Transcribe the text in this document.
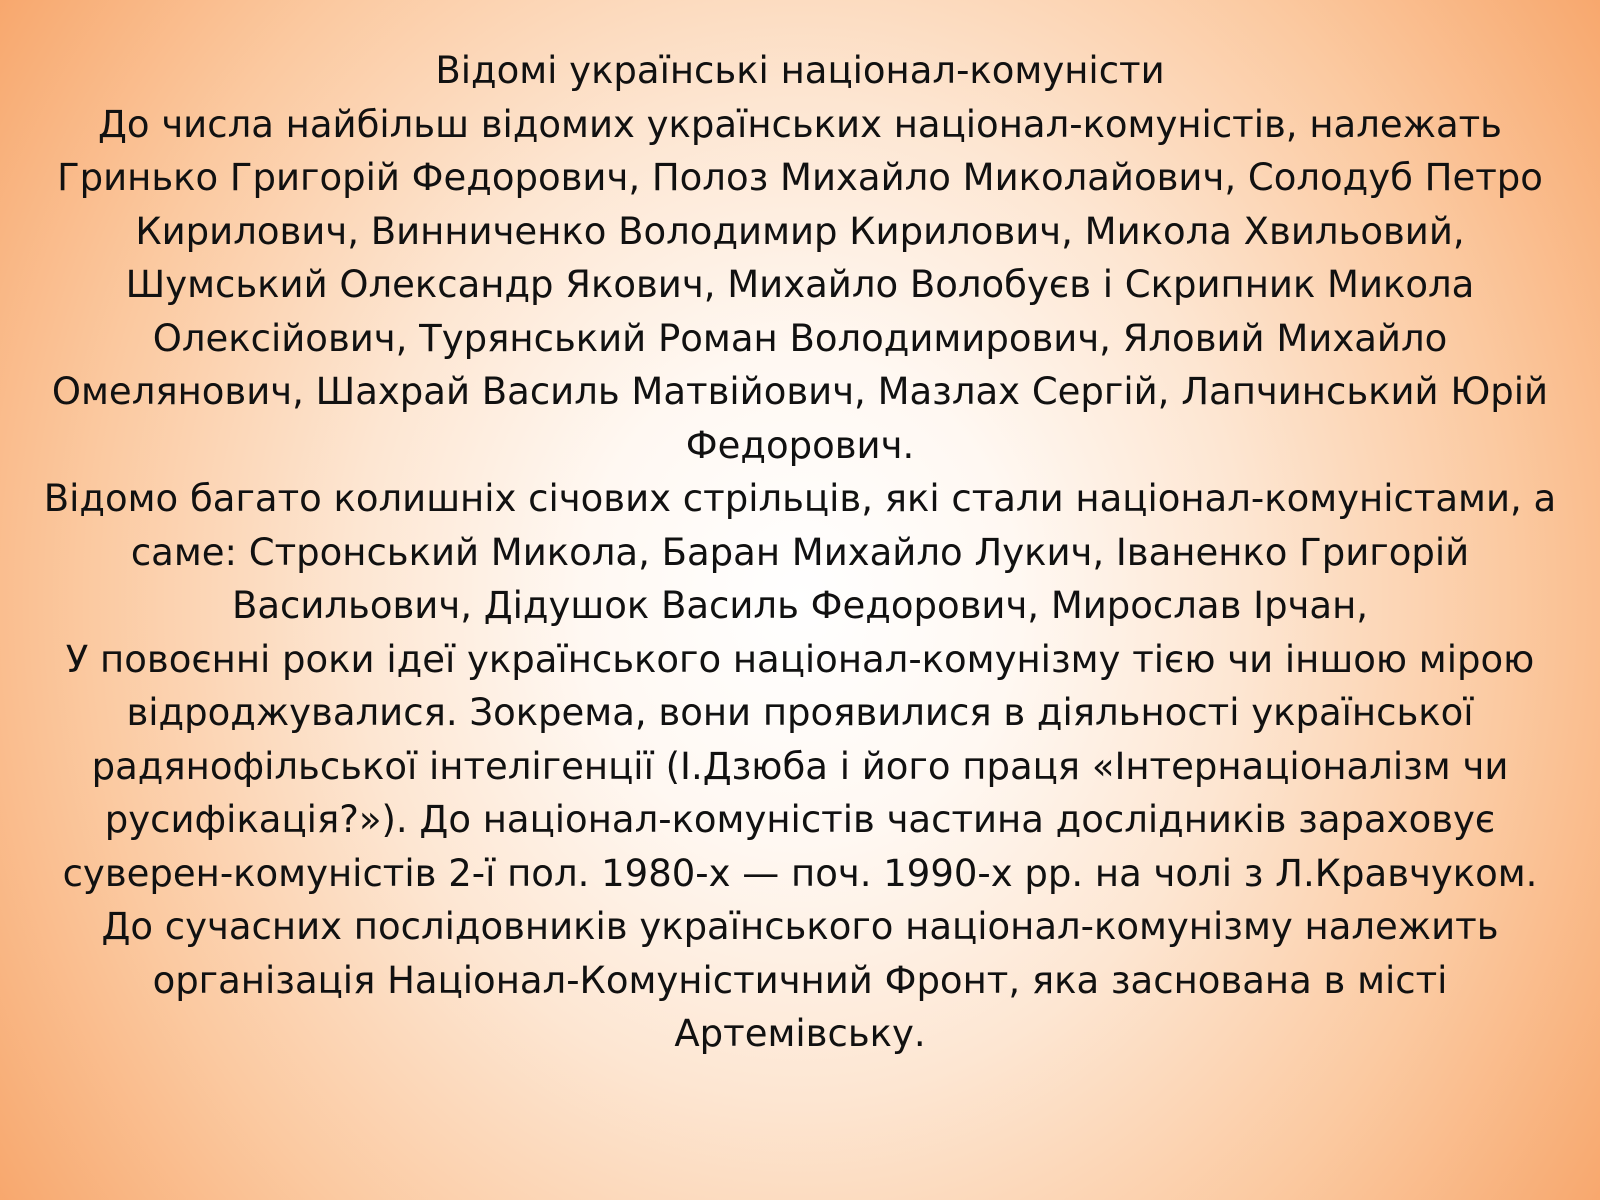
Відомі українські націонал-комуністи

До числа найбільш відомих українських націонал-комуністів, належать Гринько Григорій Федорович, Полоз Михайло Миколайович, Солодуб Петро Кирилович, Винниченко Володимир Кирилович, Микола Хвильовий, Шумський Олександр Якович, Михайло Волобуєв і Скрипник Микола Олексійович, Турянський Роман Володимирович, Яловий Михайло Омелянович, Шахрай Василь Матвійович, Мазлах Сергій, Лапчинський Юрій Федорович.

Відомо багато колишніх січових стрільців, які стали націонал-комуністами, а саме: Стронський Микола, Баран Михайло Лукич, Іваненко Григорій Васильович, Дідушок Василь Федорович, Мирослав Ірчан,

У повоєнні роки ідеї українського націонал-комунізму тією чи іншою мірою відроджувалися. Зокрема, вони проявилися в діяльності української радянофільської інтелігенції (І.Дзюба і його праця «Інтернаціоналізм чи русифікація?»). До націонал-комуністів частина дослідників зараховує суверен-комуністів 2-ї пол. 1980-х — поч. 1990-х рр. на чолі з Л.Кравчуком.

До сучасних послідовників українського націонал-комунізму належить організація Націонал-Комуністичний Фронт, яка заснована в місті Артемівську.
